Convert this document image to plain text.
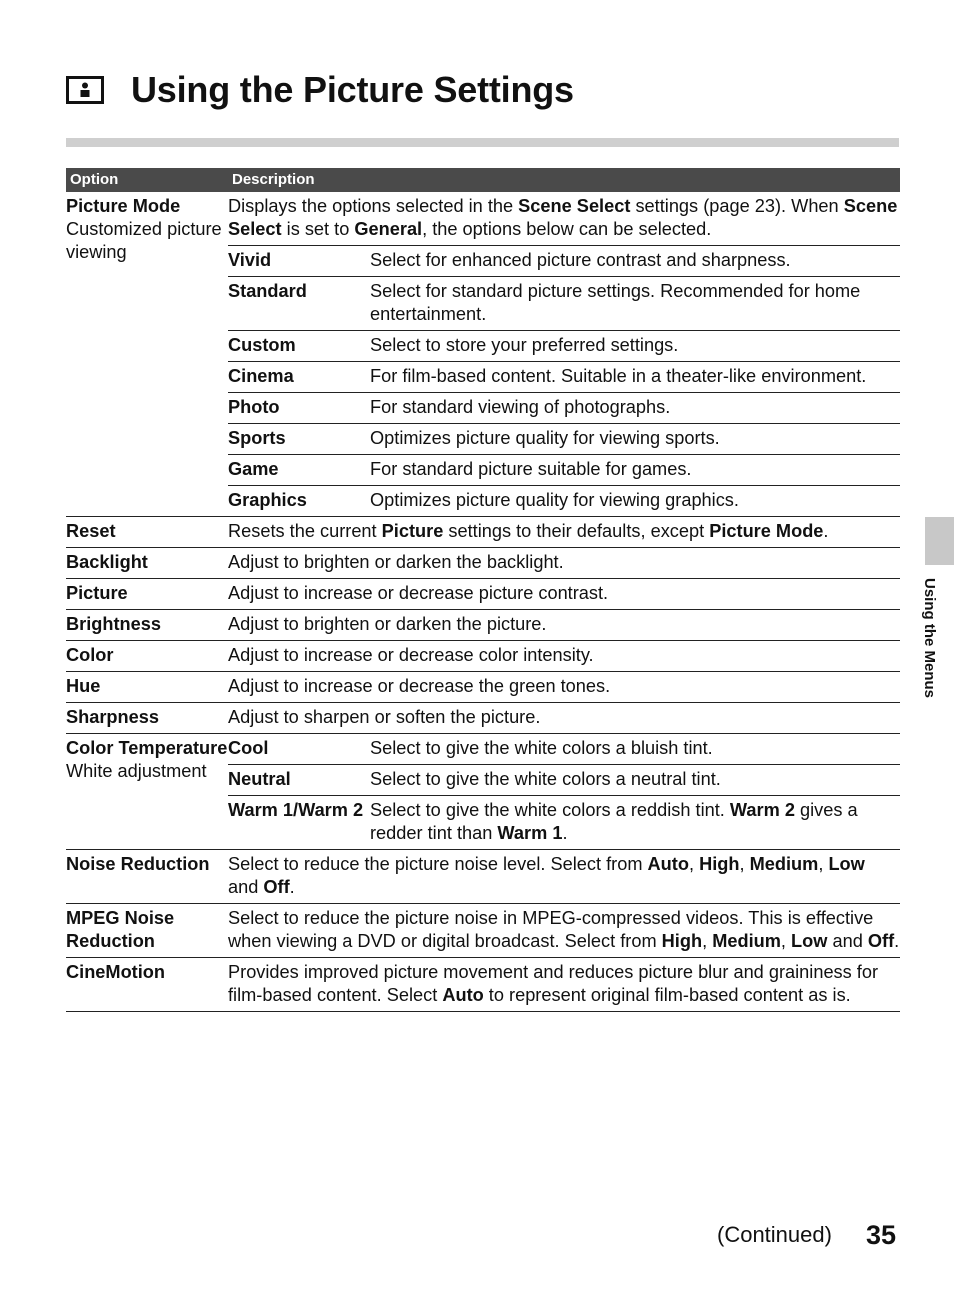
Using the Picture Settings
Option	Description

Picture Mode
Customized picture viewing

Displays the options selected in the Scene Select settings (page 23). When Scene Select is set to General, the options below can be selected.
Vivid	Select for enhanced picture contrast and sharpness.
Standard	Select for standard picture settings. Recommended for home entertainment.
Custom	Select to store your preferred settings.
Cinema	For film-based content. Suitable in a theater-like environment.
Photo	For standard viewing of photographs.
Sports	Optimizes picture quality for viewing sports.
Game	For standard picture suitable for games.
Graphics	Optimizes picture quality for viewing graphics.

Reset	Resets the current Picture settings to their defaults, except Picture Mode.

Backlight	Adjust to brighten or darken the backlight.

Picture	Adjust to increase or decrease picture contrast.

Brightness	Adjust to brighten or darken the picture.

Color	Adjust to increase or decrease color intensity.

Hue	Adjust to increase or decrease the green tones.

Sharpness	Adjust to sharpen or soften the picture.

Color Temperature
White adjustment

Cool	Select to give the white colors a bluish tint.
Neutral	Select to give the white colors a neutral tint.
Warm 1/Warm 2	Select to give the white colors a reddish tint. Warm 2 gives a redder tint than Warm 1.

Noise Reduction	Select to reduce the picture noise level. Select from Auto, High, Medium, Low and Off.

MPEG Noise Reduction
	Select to reduce the picture noise in MPEG-compressed videos. This is effective when viewing a DVD or digital broadcast. Select from High, Medium, Low and Off.

CineMotion	Provides improved picture movement and reduces picture blur and graininess for film-based content. Select Auto to represent original film-based content as is.
Using the Menus
(Continued) 35
